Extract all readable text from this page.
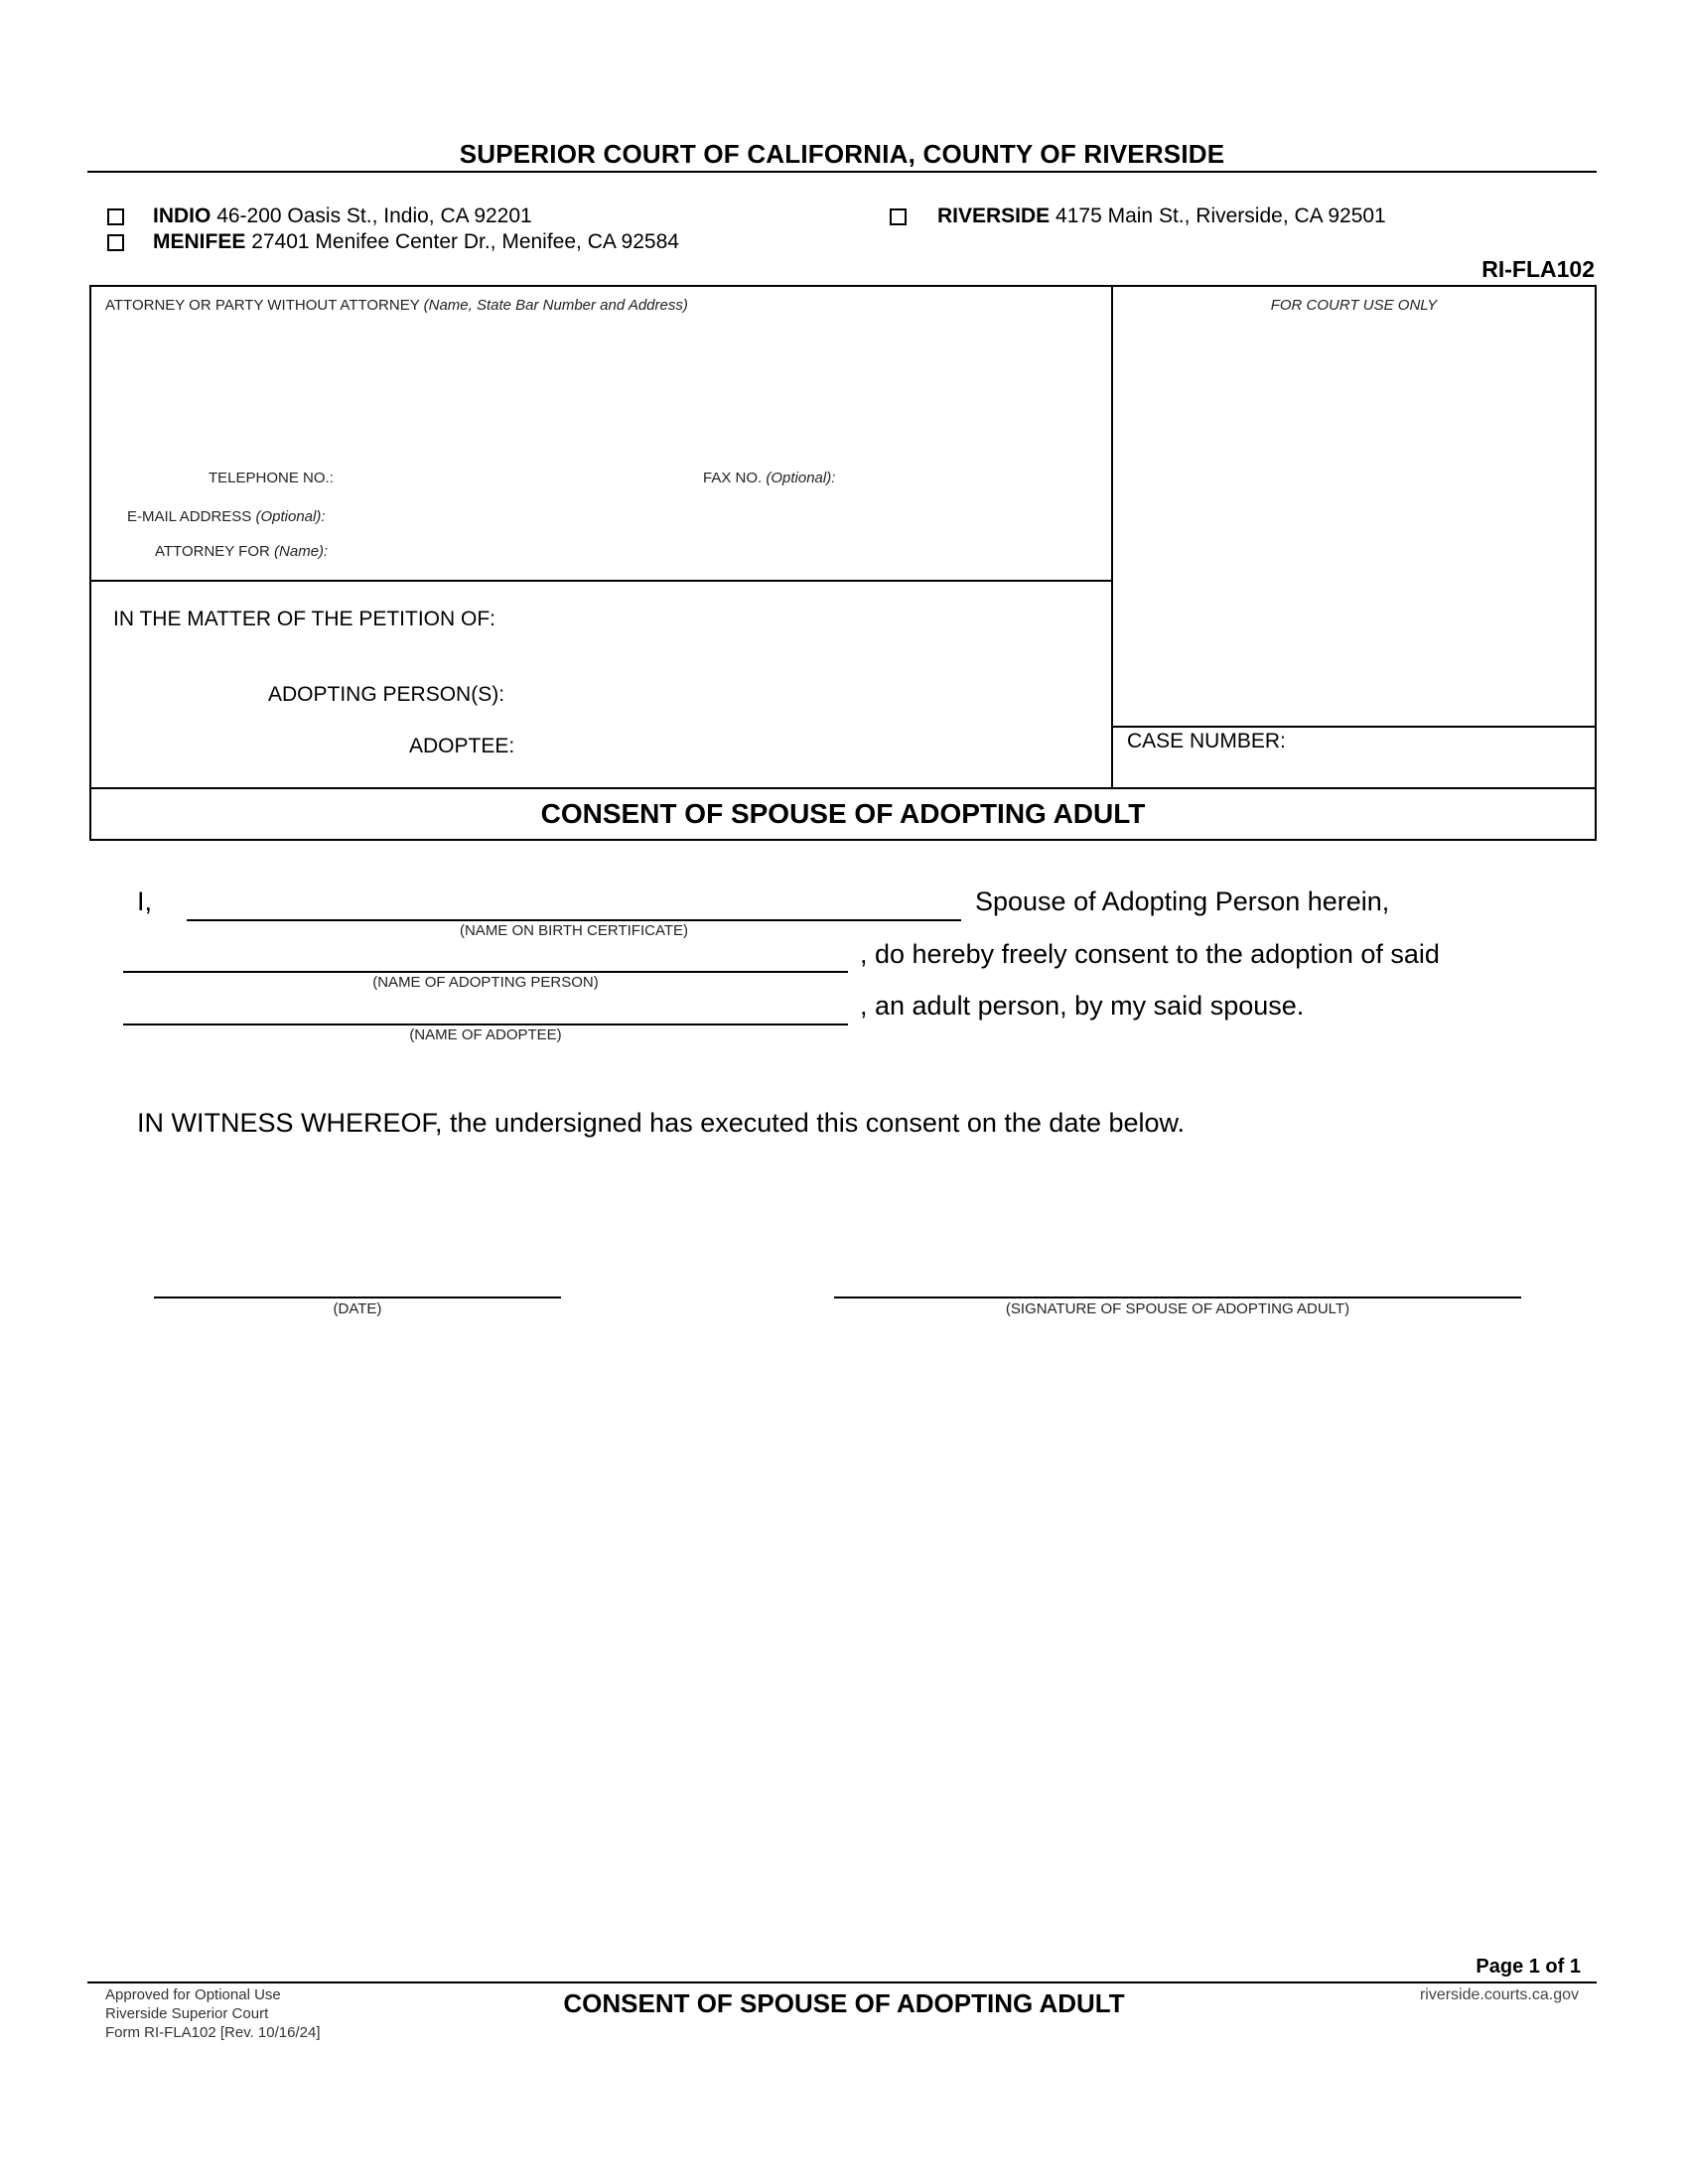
SUPERIOR COURT OF CALIFORNIA, COUNTY OF RIVERSIDE
INDIO 46-200 Oasis St., Indio, CA 92201
MENIFEE 27401 Menifee Center Dr., Menifee, CA 92584
RIVERSIDE 4175 Main St., Riverside, CA 92501
RI-FLA102
ATTORNEY OR PARTY WITHOUT ATTORNEY (Name, State Bar Number and Address)
TELEPHONE NO.:	FAX NO. (Optional):
E-MAIL ADDRESS (Optional):
ATTORNEY FOR (Name):
IN THE MATTER OF THE PETITION OF:
ADOPTING PERSON(S):
ADOPTEE:
FOR COURT USE ONLY
CASE NUMBER:
CONSENT OF SPOUSE OF ADOPTING ADULT
I,
(NAME ON BIRTH CERTIFICATE)
Spouse of Adopting Person herein,
(NAME OF ADOPTING PERSON)
, do hereby freely consent to the adoption of said
(NAME OF ADOPTEE)
, an adult person, by my said spouse.
IN WITNESS WHEREOF, the undersigned has executed this consent on the date below.
(DATE)	(SIGNATURE OF SPOUSE OF ADOPTING ADULT)
Page 1 of 1
Approved for Optional Use
Riverside Superior Court
Form RI-FLA102 [Rev. 10/16/24]
CONSENT OF SPOUSE OF ADOPTING ADULT	riverside.courts.ca.gov
